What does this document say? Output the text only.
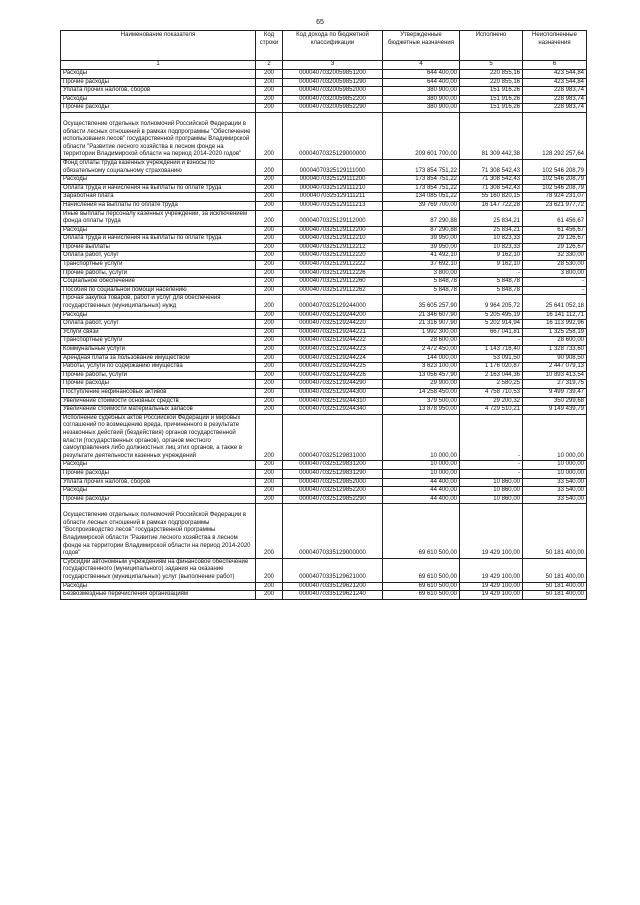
65
Наименование показателя	Код строки	Код дохода по бюджетной классификации	Утвержденные бюджетные назначения	Исполнено	Неисполненные назначения
1	2	3	4	5	6
Расходы	200	00004070320059851200	644 400,00	220 855,16	423 544,84
Прочие расходы	200	00004070320059851290	644 400,00	220 855,16	423 544,84
Уплата прочих налогов, сборов	200	00004070320059852000	380 900,00	151 916,26	228 983,74
Расходы	200	00004070320059852200	380 900,00	151 916,26	228 983,74
Прочие расходы	200	00004070320059852290	380 900,00	151 916,26	228 983,74
Осуществление отдельных полномочий Российской Федерации в области лесных отношений в рамках подпрограммы "Обеспечение использования лесов" государственной программы Владимирской области "Развитие лесного хозяйства в лесном фонде на территории Владимирской области на период 2014-2020 годов"	200	00004070325129000000	209 601 700,00	81 309 442,38	128 292 257,64
Фонд оплаты труда казенных учреждений и взносы по обязательному социальному страхованию	200	00004070325129111000	173 854 751,22	71 308 542,43	102 546 208,79
Расходы	200	00004070325129111200	173 854 751,22	71 308 542,43	102 546 208,79
Оплата труда и начисления на выплаты по оплате труда	200	00004070325129111210	173 854 751,22	71 308 542,43	102 546 208,79
Заработная плата	200	00004070325129111211	134 085 051,22	55 160 820,15	78 924 231,07
Начисления на выплаты по оплате труда	200	00004070325129111213	39 769 700,00	16 147 722,28	23 621 977,72
Иные выплаты персоналу казенных учреждений, за исключением фонда оплаты труда	200	00004070325129112000	87 290,88	25 834,21	61 456,67
Расходы	200	00004070325129112200	87 290,88	25 834,21	61 456,67
Оплата труда и начисления на выплаты по оплате труда	200	00004070325129112210	39 950,00	10 823,33	29 126,67
Прочие выплаты	200	00004070325129112212	39 950,00	10 823,33	29 126,67
Оплата работ, услуг	200	00004070325129112220	41 492,10	9 162,10	32 330,00
Транспортные услуги	200	00004070325129112222	37 692,10	9 162,10	28 530,00
Прочие работы, услуги	200	00004070325129112226	3 800,00	-	3 800,00
Социальное обеспечение	200	00004070325129112260	5 848,78	5 848,78	-
Пособия по социальной помощи населению	200	00004070325129112262	5 848,78	5 848,78	-
Прочая закупка товаров, работ и услуг для обеспечения государственных (муниципальных) нужд	200	00004070325129244000	35 605 257,90	9 964 205,72	25 641 052,18
Расходы	200	00004070325129244200	21 346 607,90	5 205 495,19	16 141 112,71
Оплата работ, услуг	200	00004070325129244220	21 316 907,90	5 202 914,94	16 113 992,96
Услуги связи	200	00004070325129244221	1 992 300,00	667 041,81	1 325 258,19
Транспортные услуги	200	00004070325129244222	28 600,00	-	28 600,00
Коммунальные услуги	200	00004070325129244223	2 472 450,00	1 143 716,40	1 328 733,60
Арендная плата за пользование имуществом	200	00004070325129244224	144 000,00	53 091,50	90 908,50
Работы, услуги по содержанию имущества	200	00004070325129244225	3 623 100,00	1 176 020,87	2 447 079,13
Прочие работы, услуги	200	00004070325129244226	13 056 457,90	2 163 044,36	10 893 413,54
Прочие расходы	200	00004070325129244290	29 900,00	2 580,25	27 319,75
Поступление нефинансовых активов	200	00004070325129244300	14 258 450,00	4 758 710,53	9 499 739,47
Увеличение стоимости основных средств	200	00004070325129244310	379 500,00	29 200,32	350 299,68
Увеличение стоимости материальных запасов	200	00004070325129244340	13 878 950,00	4 729 510,21	9 149 439,79
Исполнение судебных актов Российской Федерации и мировых соглашений по возмещению вреда, причиненного в результате незаконных действий (бездействия) органов государственной власти (государственных органов), органов местного самоуправления либо должностных лиц этих органов, а также в результате деятельности казенных учреждений	200	00004070325129831000	10 000,00	-	10 000,00
Расходы	200	00004070325129831200	10 000,00	-	10 000,00
Прочие расходы	200	00004070325129831290	10 000,00	-	10 000,00
Уплата прочих налогов, сборов	200	00004070325129852000	44 400,00	10 860,00	33 540,00
Расходы	200	00004070325129852200	44 400,00	10 860,00	33 540,00
Прочие расходы	200	00004070325129852290	44 400,00	10 860,00	33 540,00
Осуществление отдельных полномочий Российской Федерации в области лесных отношений в рамках подпрограммы "Воспроизводство лесов" государственной программы Владимирской области "Развитие лесного хозяйства в лесном фонде на территории Владимирской области на период 2014-2020 годов"	200	00004070335129000000	69 610 500,00	19 429 100,00	50 181 400,00
Субсидии автономным учреждениям на финансовое обеспечение государственного (муниципального) задания на оказание государственных (муниципальных) услуг (выполнение работ)	200	00004070335129621000	69 610 500,00	19 429 100,00	50 181 400,00
Расходы	200	00004070335129621200	69 610 500,00	19 429 100,00	50 181 400,00
Безвозмездные перечисления организациям	200	00004070335129621240	69 610 500,00	19 429 100,00	50 181 400,00
